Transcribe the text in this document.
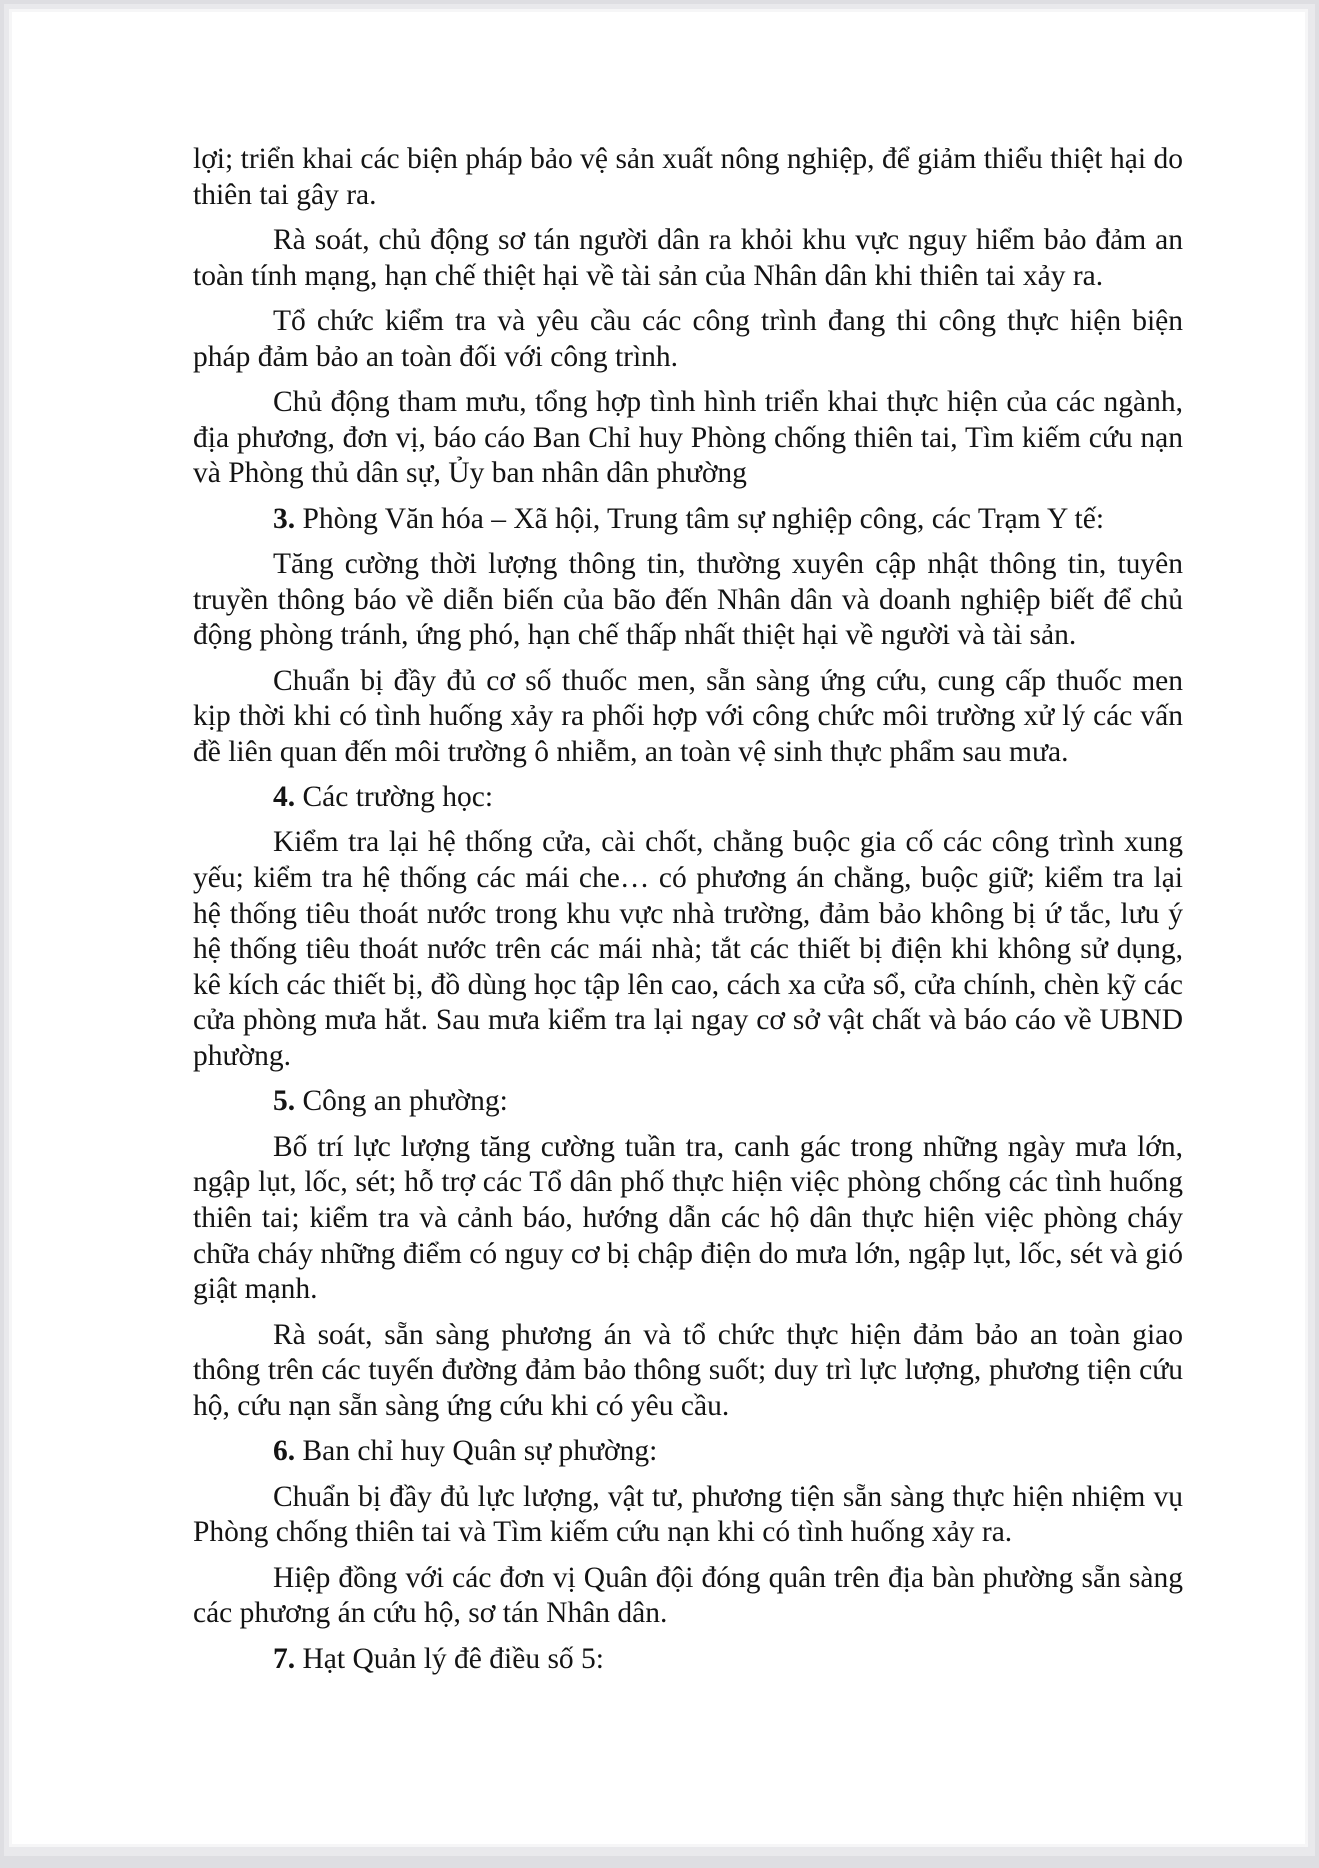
lợi; triển khai các biện pháp bảo vệ sản xuất nông nghiệp, để giảm thiểu thiệt hại do thiên tai gây ra.

Rà soát, chủ động sơ tán người dân ra khỏi khu vực nguy hiểm bảo đảm an toàn tính mạng, hạn chế thiệt hại về tài sản của Nhân dân khi thiên tai xảy ra.

Tổ chức kiểm tra và yêu cầu các công trình đang thi công thực hiện biện pháp đảm bảo an toàn đối với công trình.

Chủ động tham mưu, tổng hợp tình hình triển khai thực hiện của các ngành, địa phương, đơn vị, báo cáo Ban Chỉ huy Phòng chống thiên tai, Tìm kiếm cứu nạn và Phòng thủ dân sự, Ủy ban nhân dân phường

3. Phòng Văn hóa – Xã hội, Trung tâm sự nghiệp công, các Trạm Y tế:

Tăng cường thời lượng thông tin, thường xuyên cập nhật thông tin, tuyên truyền thông báo về diễn biến của bão đến Nhân dân và doanh nghiệp biết để chủ động phòng tránh, ứng phó, hạn chế thấp nhất thiệt hại về người và tài sản.

Chuẩn bị đầy đủ cơ số thuốc men, sẵn sàng ứng cứu, cung cấp thuốc men kịp thời khi có tình huống xảy ra phối hợp với công chức môi trường xử lý các vấn đề liên quan đến môi trường ô nhiễm, an toàn vệ sinh thực phẩm sau mưa.

4. Các trường học:

Kiểm tra lại hệ thống cửa, cài chốt, chằng buộc gia cố các công trình xung yếu; kiểm tra hệ thống các mái che… có phương án chằng, buộc giữ; kiểm tra lại hệ thống tiêu thoát nước trong khu vực nhà trường, đảm bảo không bị ứ tắc, lưu ý hệ thống tiêu thoát nước trên các mái nhà; tắt các thiết bị điện khi không sử dụng, kê kích các thiết bị, đồ dùng học tập lên cao, cách xa cửa sổ, cửa chính, chèn kỹ các cửa phòng mưa hắt. Sau mưa kiểm tra lại ngay cơ sở vật chất và báo cáo về UBND phường.

5. Công an phường:

Bố trí lực lượng tăng cường tuần tra, canh gác trong những ngày mưa lớn, ngập lụt, lốc, sét; hỗ trợ các Tổ dân phố thực hiện việc phòng chống các tình huống thiên tai; kiểm tra và cảnh báo, hướng dẫn các hộ dân thực hiện việc phòng cháy chữa cháy những điểm có nguy cơ bị chập điện do mưa lớn, ngập lụt, lốc, sét và gió giật mạnh.

Rà soát, sẵn sàng phương án và tổ chức thực hiện đảm bảo an toàn giao thông trên các tuyến đường đảm bảo thông suốt; duy trì lực lượng, phương tiện cứu hộ, cứu nạn sẵn sàng ứng cứu khi có yêu cầu.

6. Ban chỉ huy Quân sự phường:

Chuẩn bị đầy đủ lực lượng, vật tư, phương tiện sẵn sàng thực hiện nhiệm vụ Phòng chống thiên tai và Tìm kiếm cứu nạn khi có tình huống xảy ra.

Hiệp đồng với các đơn vị Quân đội đóng quân trên địa bàn phường sẵn sàng các phương án cứu hộ, sơ tán Nhân dân.

7. Hạt Quản lý đê điều số 5:
